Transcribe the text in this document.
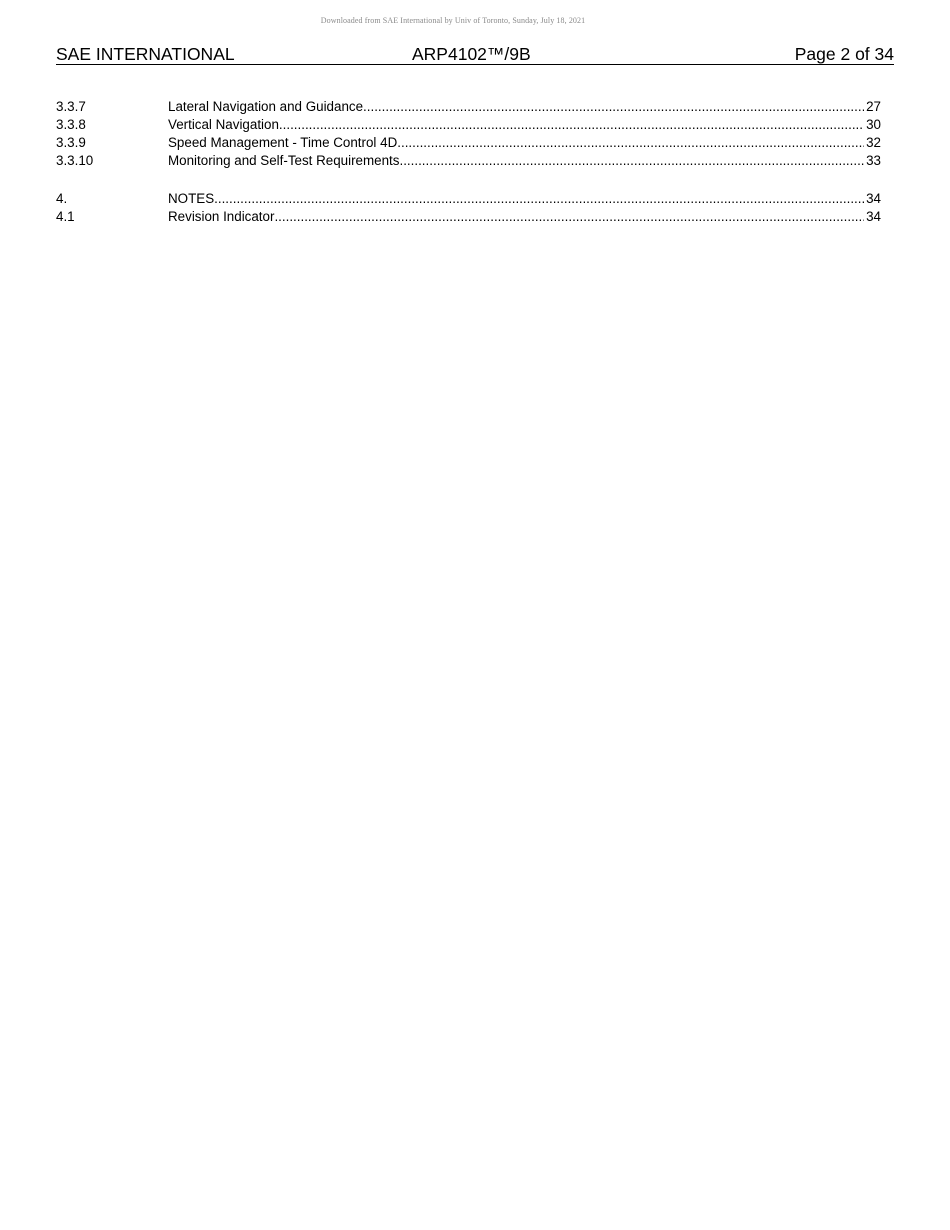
Downloaded from SAE International by Univ of Toronto, Sunday, July 18, 2021
SAE INTERNATIONAL	ARP4102™/9B	Page 2 of 34
3.3.7	Lateral Navigation and Guidance .....	27
3.3.8	Vertical Navigation .....	30
3.3.9	Speed Management - Time Control 4D .....	32
3.3.10	Monitoring and Self-Test Requirements .....	33
4.	NOTES .....	34
4.1	Revision Indicator .....	34
